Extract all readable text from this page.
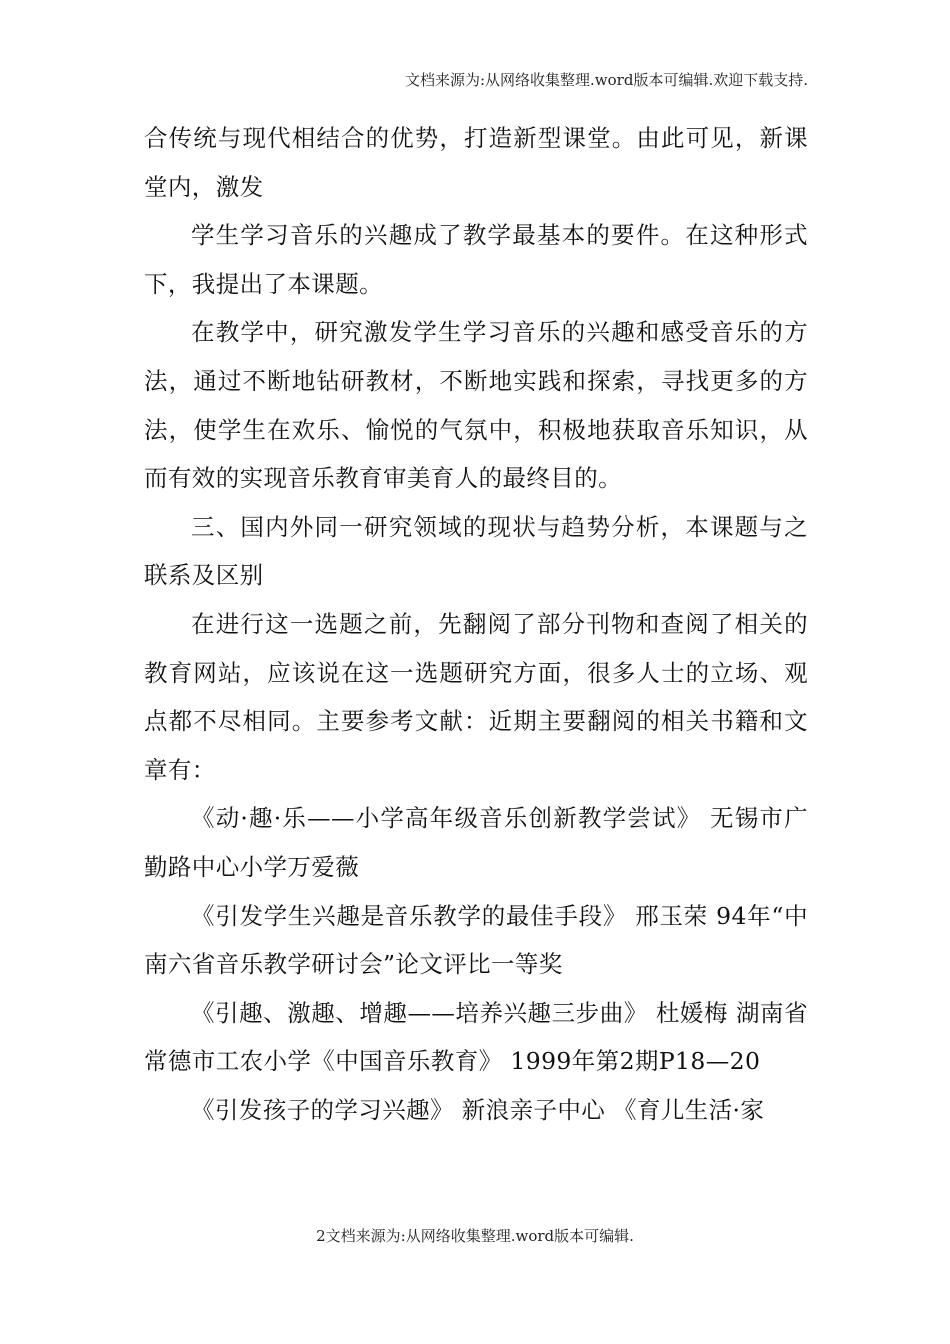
文档来源为:从网络收集整理.word版本可编辑.欢迎下载支持.

合传统与现代相结合的优势，打造新型课堂。由此可见，新课堂内，激发

学生学习音乐的兴趣成了教学最基本的要件。在这种形式下，我提出了本课题。

在教学中，研究激发学生学习音乐的兴趣和感受音乐的方法，通过不断地钻研教材，不断地实践和探索，寻找更多的方法，使学生在欢乐、愉悦的气氛中，积极地获取音乐知识，从而有效的实现音乐教育审美育人的最终目的。

三、国内外同一研究领域的现状与趋势分析，本课题与之联系及区别

在进行这一选题之前，先翻阅了部分刊物和查阅了相关的教育网站，应该说在这一选题研究方面，很多人士的立场、观点都不尽相同。主要参考文献：近期主要翻阅的相关书籍和文章有：

《动·趣·乐——小学高年级音乐创新教学尝试》 无锡市广勤路中心小学万爱薇

《引发学生兴趣是音乐教学的最佳手段》 邢玉荣 94年“中南六省音乐教学研讨会”论文评比一等奖

《引趣、激趣、增趣——培养兴趣三步曲》 杜媛梅 湖南省常德市工农小学《中国音乐教育》 1999年第2期P18—20

《引发孩子的学习兴趣》 新浪亲子中心 《育儿生活·家

2文档来源为:从网络收集整理.word版本可编辑.
